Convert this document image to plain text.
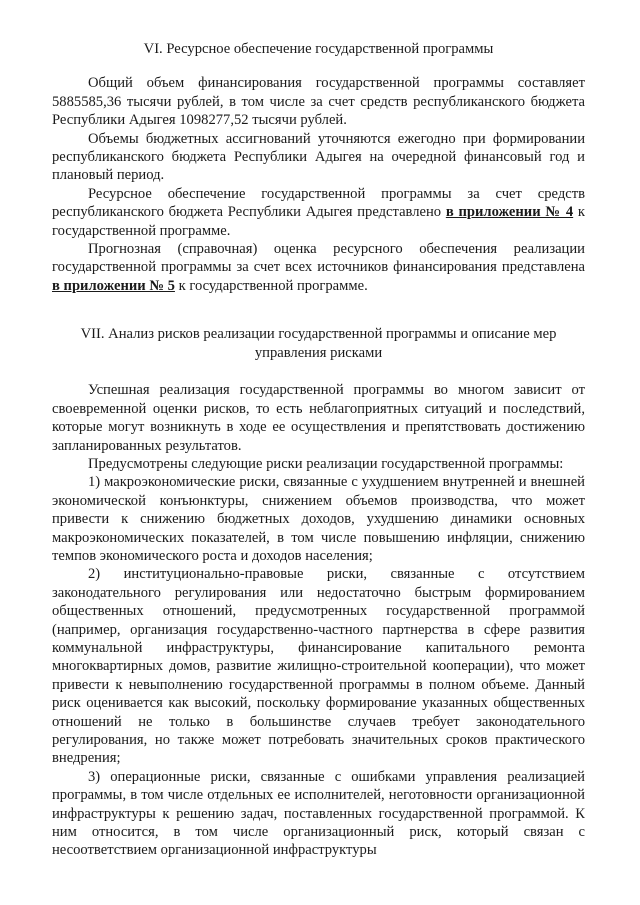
VI. Ресурсное обеспечение государственной программы

Общий объем финансирования государственной программы составляет 5885585,36 тысячи рублей, в том числе за счет средств республиканского бюджета Республики Адыгея 1098277,52 тысячи рублей.

Объемы бюджетных ассигнований уточняются ежегодно при формировании республиканского бюджета Республики Адыгея на очередной финансовый год и плановый период.

Ресурсное обеспечение государственной программы за счет средств республиканского бюджета Республики Адыгея представлено в приложении № 4 к государственной программе.

Прогнозная (справочная) оценка ресурсного обеспечения реализации государственной программы за счет всех источников финансирования представлена в приложении № 5 к государственной программе.

VII. Анализ рисков реализации государственной программы и описание мер
управления рисками

Успешная реализация государственной программы во многом зависит от своевременной оценки рисков, то есть неблагоприятных ситуаций и последствий, которые могут возникнуть в ходе ее осуществления и препятствовать достижению запланированных результатов.

Предусмотрены следующие риски реализации государственной программы:

1) макроэкономические риски, связанные с ухудшением внутренней и внешней экономической конъюнктуры, снижением объемов производства, что может привести к снижению бюджетных доходов, ухудшению динамики основных макроэкономических показателей, в том числе повышению инфляции, снижению темпов экономического роста и доходов населения;

2) институционально-правовые риски, связанные с отсутствием законодательного регулирования или недостаточно быстрым формированием общественных отношений, предусмотренных государственной программой (например, организация государственно-частного партнерства в сфере развития коммунальной инфраструктуры, финансирование капитального ремонта многоквартирных домов, развитие жилищно-строительной кооперации), что может привести к невыполнению государственной программы в полном объеме. Данный риск оценивается как высокий, поскольку формирование указанных общественных отношений не только в большинстве случаев требует законодательного регулирования, но также может потребовать значительных сроков практического внедрения;

3) операционные риски, связанные с ошибками управления реализацией программы, в том числе отдельных ее исполнителей, неготовности организационной инфраструктуры к решению задач, поставленных государственной программой. К ним относится, в том числе организационный риск, который связан с несоответствием организационной инфраструктуры
